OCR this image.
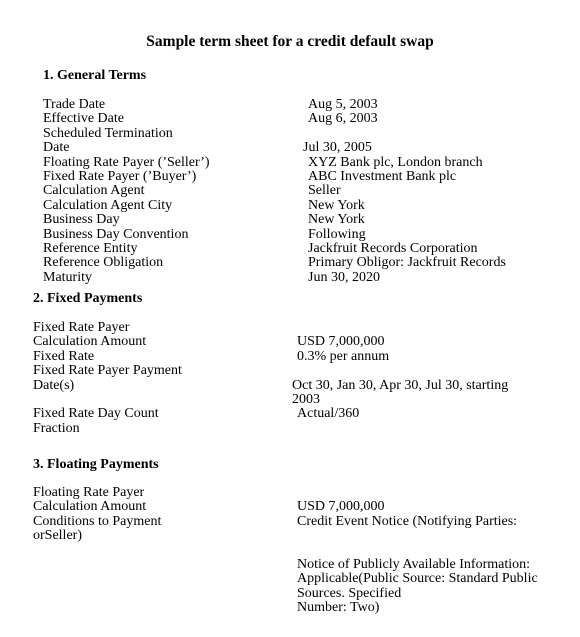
Sample term sheet for a credit default swap
1. General Terms
Trade Date	Aug 5, 2003
Effective Date	Aug 6, 2003
Scheduled Termination
Date	Jul 30, 2005
Floating Rate Payer (’Seller’)	XYZ Bank plc, London branch
Fixed Rate Payer (’Buyer’)	ABC Investment Bank plc
Calculation Agent	Seller
Calculation Agent City	New York
Business Day	New York
Business Day Convention	Following
Reference Entity	Jackfruit Records Corporation
Reference Obligation	Primary Obligor: Jackfruit Records
Maturity	Jun 30, 2020
2. Fixed Payments
Fixed Rate Payer
Calculation Amount	USD 7,000,000
Fixed Rate	0.3% per annum
Fixed Rate Payer Payment
Date(s)	Oct 30, Jan 30, Apr 30, Jul 30, starting
2003
Fixed Rate Day Count	Actual/360
Fraction
3. Floating Payments
Floating Rate Payer
Calculation Amount	USD 7,000,000
Conditions to Payment	Credit Event Notice (Notifying Parties:
orSeller)
Notice of Publicly Available Information:
Applicable(Public Source: Standard Public
Sources. Specified
Number: Two)
